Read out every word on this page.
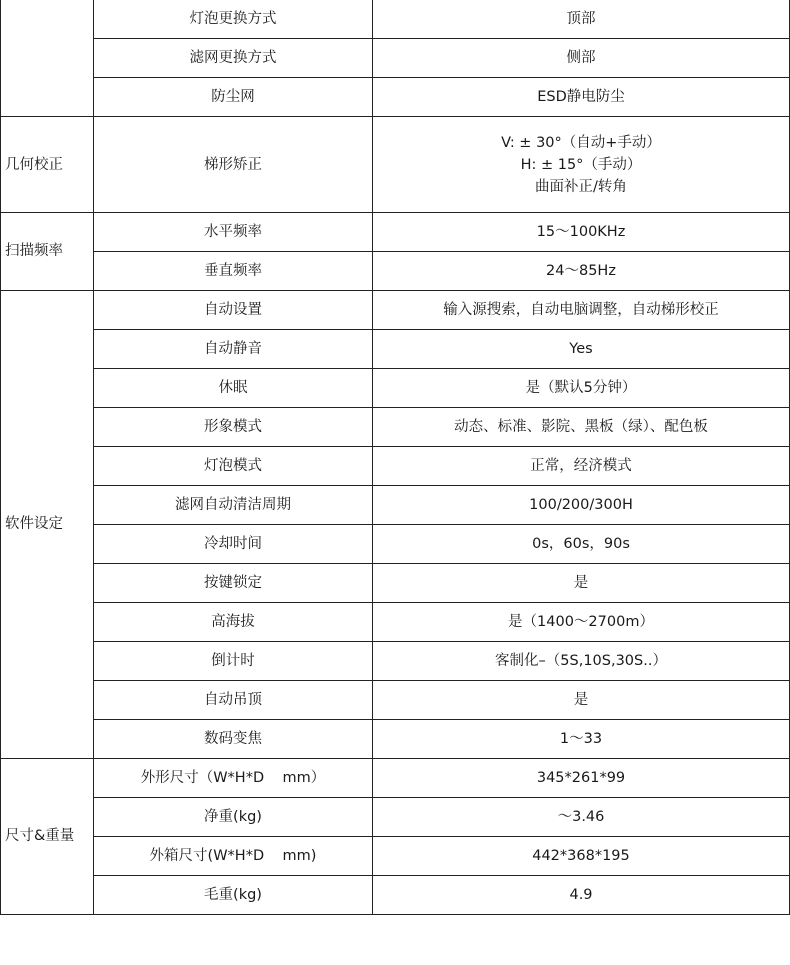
	灯泡更换方式	顶部
	滤网更换方式	侧部
	防尘网	ESD静电防尘
几何校正	梯形矫正	V: ± 30°（自动+手动）
H: ± 15°（手动）
曲面补正/转角

扫描频率	水平频率	15～100KHz
	垂直频率	24～85Hz
软件设定	自动设置	输入源搜索，自动电脑调整，自动梯形校正
	自动静音	Yes
	休眠	是（默认5分钟）
	形象模式	动态、标准、影院、黑板（绿）、配色板
	灯泡模式	正常，经济模式
	滤网自动清洁周期	100/200/300H
	冷却时间	0s，60s，90s
	按键锁定	是
	高海拔	是（1400～2700m）
	倒计时	客制化–（5S,10S,30S..）
	自动吊顶	是
	数码变焦	1～33
尺寸&重量	外形尺寸（W*H*D    mm）	345*261*99
	净重(kg)	～3.46
	外箱尺寸(W*H*D    mm)	442*368*195
	毛重(kg)	4.9
